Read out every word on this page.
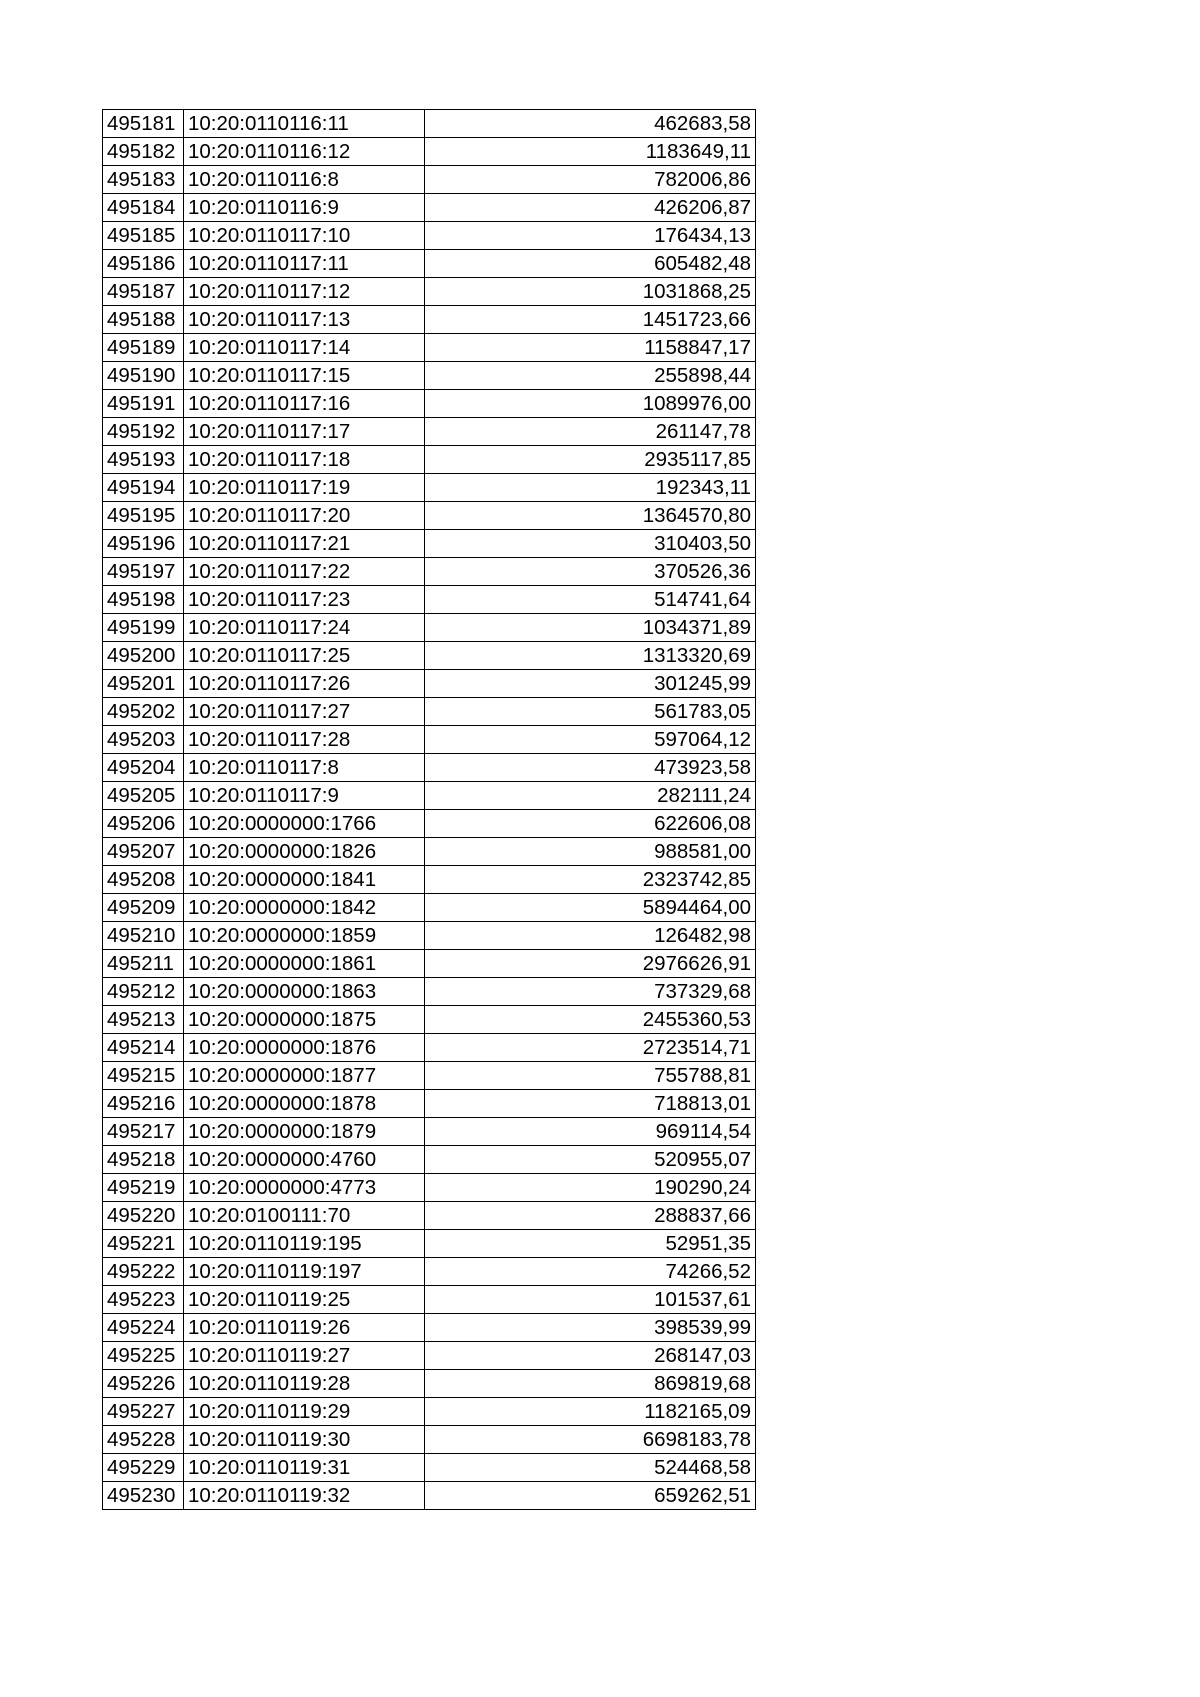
495181	10:20:0110116:11	462683,58
495182	10:20:0110116:12	1183649,11
495183	10:20:0110116:8	782006,86
495184	10:20:0110116:9	426206,87
495185	10:20:0110117:10	176434,13
495186	10:20:0110117:11	605482,48
495187	10:20:0110117:12	1031868,25
495188	10:20:0110117:13	1451723,66
495189	10:20:0110117:14	1158847,17
495190	10:20:0110117:15	255898,44
495191	10:20:0110117:16	1089976,00
495192	10:20:0110117:17	261147,78
495193	10:20:0110117:18	2935117,85
495194	10:20:0110117:19	192343,11
495195	10:20:0110117:20	1364570,80
495196	10:20:0110117:21	310403,50
495197	10:20:0110117:22	370526,36
495198	10:20:0110117:23	514741,64
495199	10:20:0110117:24	1034371,89
495200	10:20:0110117:25	1313320,69
495201	10:20:0110117:26	301245,99
495202	10:20:0110117:27	561783,05
495203	10:20:0110117:28	597064,12
495204	10:20:0110117:8	473923,58
495205	10:20:0110117:9	282111,24
495206	10:20:0000000:1766	622606,08
495207	10:20:0000000:1826	988581,00
495208	10:20:0000000:1841	2323742,85
495209	10:20:0000000:1842	5894464,00
495210	10:20:0000000:1859	126482,98
495211	10:20:0000000:1861	2976626,91
495212	10:20:0000000:1863	737329,68
495213	10:20:0000000:1875	2455360,53
495214	10:20:0000000:1876	2723514,71
495215	10:20:0000000:1877	755788,81
495216	10:20:0000000:1878	718813,01
495217	10:20:0000000:1879	969114,54
495218	10:20:0000000:4760	520955,07
495219	10:20:0000000:4773	190290,24
495220	10:20:0100111:70	288837,66
495221	10:20:0110119:195	52951,35
495222	10:20:0110119:197	74266,52
495223	10:20:0110119:25	101537,61
495224	10:20:0110119:26	398539,99
495225	10:20:0110119:27	268147,03
495226	10:20:0110119:28	869819,68
495227	10:20:0110119:29	1182165,09
495228	10:20:0110119:30	6698183,78
495229	10:20:0110119:31	524468,58
495230	10:20:0110119:32	659262,51
